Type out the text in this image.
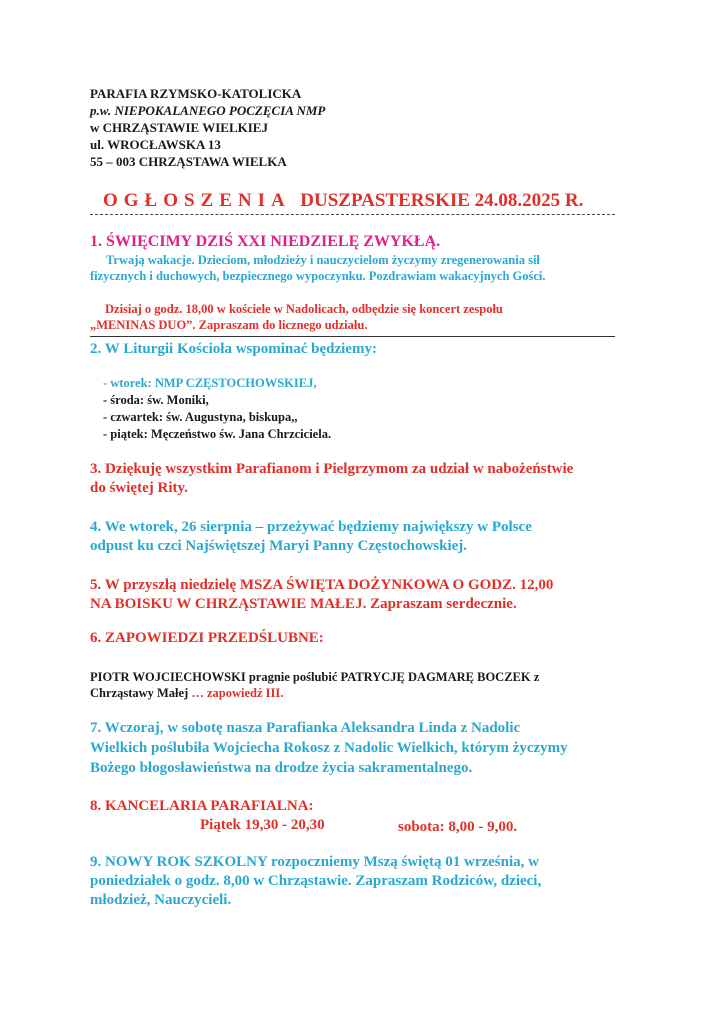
PARAFIA RZYMSKO-KATOLICKA
p.w. NIEPOKALANEGO POCZĘCIA NMP
w CHRZĄSTAWIE WIELKIEJ
ul. WROCŁAWSKA 13
55 – 003 CHRZĄSTAWA WIELKA
OGŁOSZENIA DUSZPASTERSKIE 24.08.2025 R.
1. ŚWIĘCIMY DZIŚ XXI NIEDZIELĘ ZWYKŁĄ.
Trwają wakacje. Dzieciom, młodzieży i nauczycielom życzymy zregenerowania sił
fizycznych i duchowych, bezpiecznego wypoczynku. Pozdrawiam wakacyjnych Gości.
Dzisiaj o godz. 18,00 w kościele w Nadolicach, odbędzie się koncert zespołu
„MENINAS DUO”. Zapraszam do licznego udziału.
2. W Liturgii Kościoła wspominać będziemy:
- wtorek: NMP CZĘSTOCHOWSKIEJ,
- środa: św. Moniki,
- czwartek: św. Augustyna, biskupa,,
- piątek: Męczeństwo św. Jana Chrzciciela.
3. Dziękuję wszystkim Parafianom i Pielgrzymom za udział w nabożeństwie
do świętej Rity.
4. We wtorek, 26 sierpnia – przeżywać będziemy największy w Polsce
odpust ku czci Najświętszej Maryi Panny Częstochowskiej.
5. W przyszłą niedzielę MSZA ŚWIĘTA DOŻYNKOWA O GODZ. 12,00
NA BOISKU W CHRZĄSTAWIE MAŁEJ. Zapraszam serdecznie.
6. ZAPOWIEDZI PRZEDŚLUBNE:
PIOTR WOJCIECHOWSKI pragnie poślubić PATRYCJĘ DAGMARĘ BOCZEK z
Chrząstawy Małej … zapowiedź III.
7. Wczoraj, w sobotę nasza Parafianka Aleksandra Linda z Nadolic
Wielkich poślubiła Wojciecha Rokosz z Nadolic Wielkich, którym życzymy
Bożego błogosławieństwa na drodze życia sakramentalnego.
8. KANCELARIA PARAFIALNA:
Piątek 19,30 - 20,30	sobota: 8,00 - 9,00.
9. NOWY ROK SZKOLNY rozpoczniemy Mszą świętą 01 września, w
poniedziałek o godz. 8,00 w Chrząstawie. Zapraszam Rodziców, dzieci,
młodzież, Nauczycieli.
